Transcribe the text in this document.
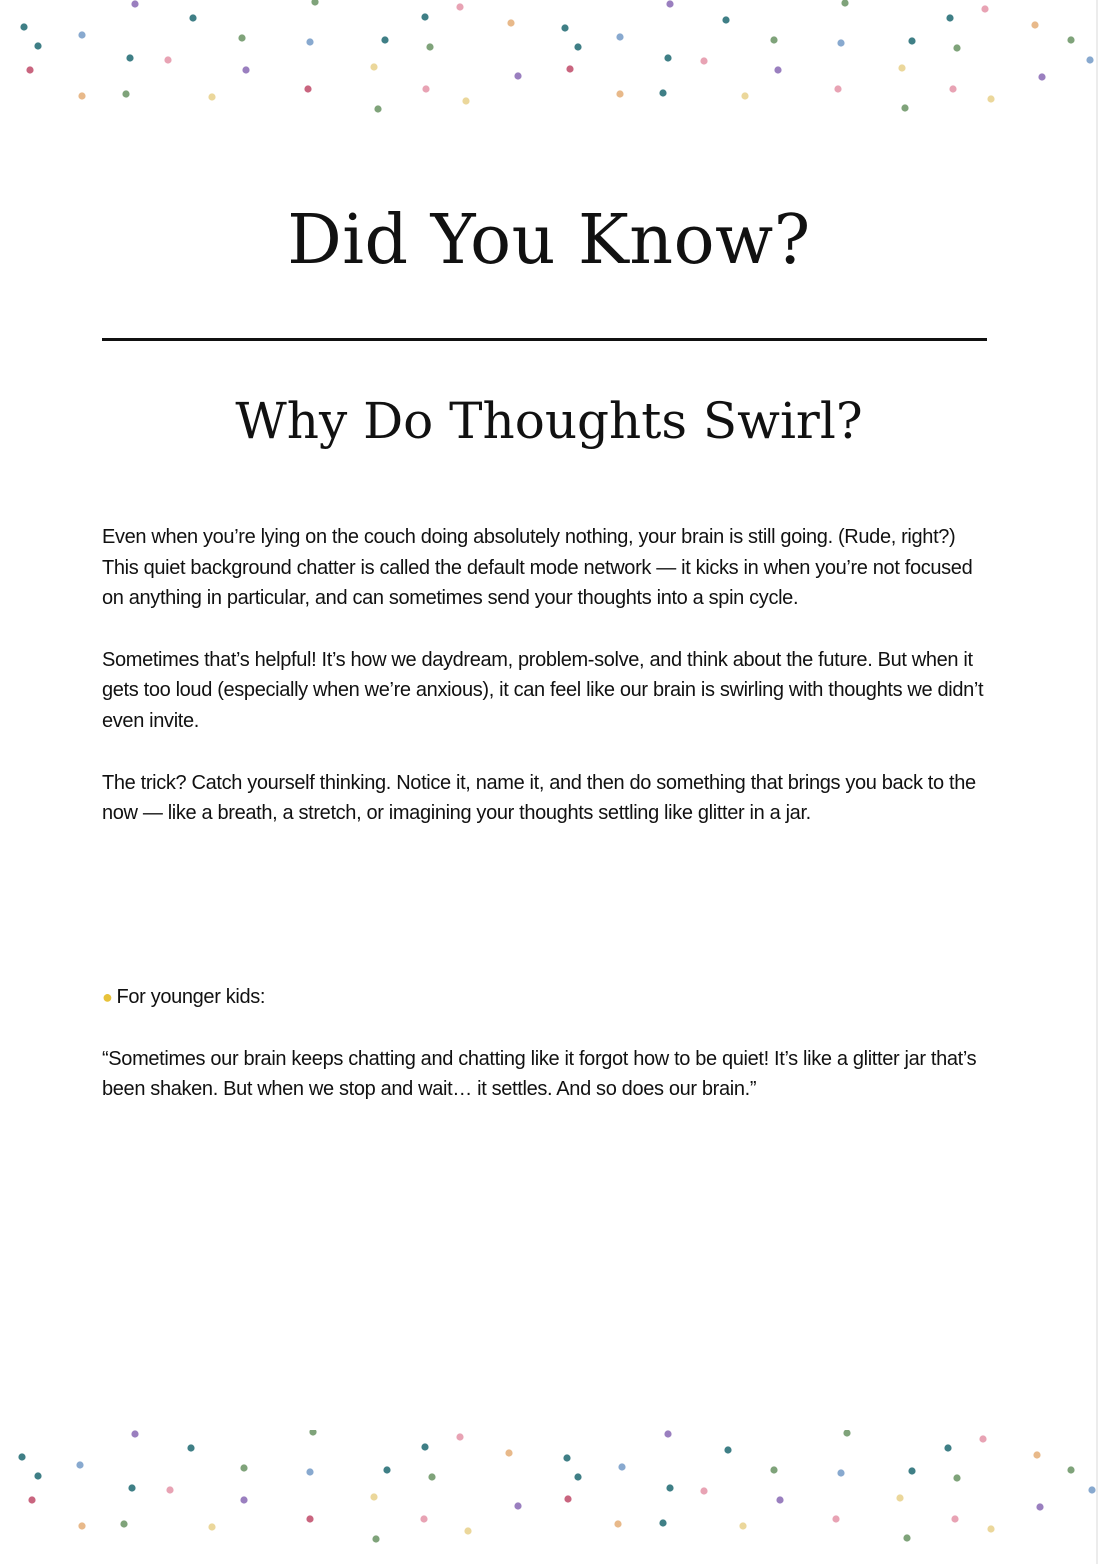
Did You Know?
Why Do Thoughts Swirl?

Even when you’re lying on the couch doing absolutely nothing, your brain is still going. (Rude, right?) This quiet background chatter is called the default mode network — it kicks in when you’re not focused on anything in particular, and can sometimes send your thoughts into a spin cycle.

Sometimes that’s helpful! It’s how we daydream, problem-solve, and think about the future. But when it gets too loud (especially when we’re anxious), it can feel like our brain is swirling with thoughts we didn’t even invite.

The trick? Catch yourself thinking. Notice it, name it, and then do something that brings you back to the now — like a breath, a stretch, or imagining your thoughts settling like glitter in a jar.

● For younger kids:

“Sometimes our brain keeps chatting and chatting like it forgot how to be quiet! It’s like a glitter jar that’s been shaken. But when we stop and wait… it settles. And so does our brain.”
